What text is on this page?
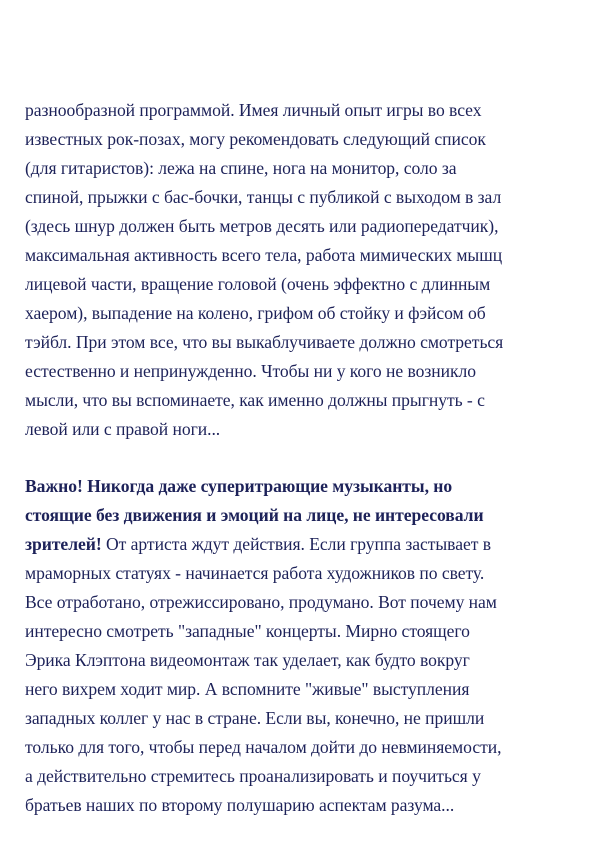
разнообразной программой. Имея личный опыт игры во всех
известных рок-позах, могу рекомендовать следующий список
(для гитаристов): лежа на спине, нога на монитор, соло за
спиной, прыжки с бас-бочки, танцы с публикой с выходом в зал
(здесь шнур должен быть метров десять или радиопередатчик),
максимальная активность всего тела, работа мимических мышц
лицевой части, вращение головой (очень эффектно с длинным
хаером), выпадение на колено, грифом об стойку и фэйсом об
тэйбл. При этом все, что вы выкаблучиваете должно смотреться
естественно и непринужденно. Чтобы ни у кого не возникло
мысли, что вы вспоминаете, как именно должны прыгнуть - с
левой или с правой ноги...
Важно! Никогда даже суперитрающие музыканты, но
стоящие без движения и эмоций на лице, не интересовали
зрителей! От артиста ждут действия. Если группа застывает в
мраморных статуях - начинается работа художников по свету.
Все отработано, отрежиссировано, продумано. Вот почему нам
интересно смотреть "западные" концерты. Мирно стоящего
Эрика Клэптона видеомонтаж так уделает, как будто вокруг
него вихрем ходит мир. А вспомните "живые" выступления
западных коллег у нас в стране. Если вы, конечно, не пришли
только для того, чтобы перед началом дойти до невминяемости,
а действительно стремитесь проанализировать и поучиться у
братьев наших по второму полушарию аспектам разума...
